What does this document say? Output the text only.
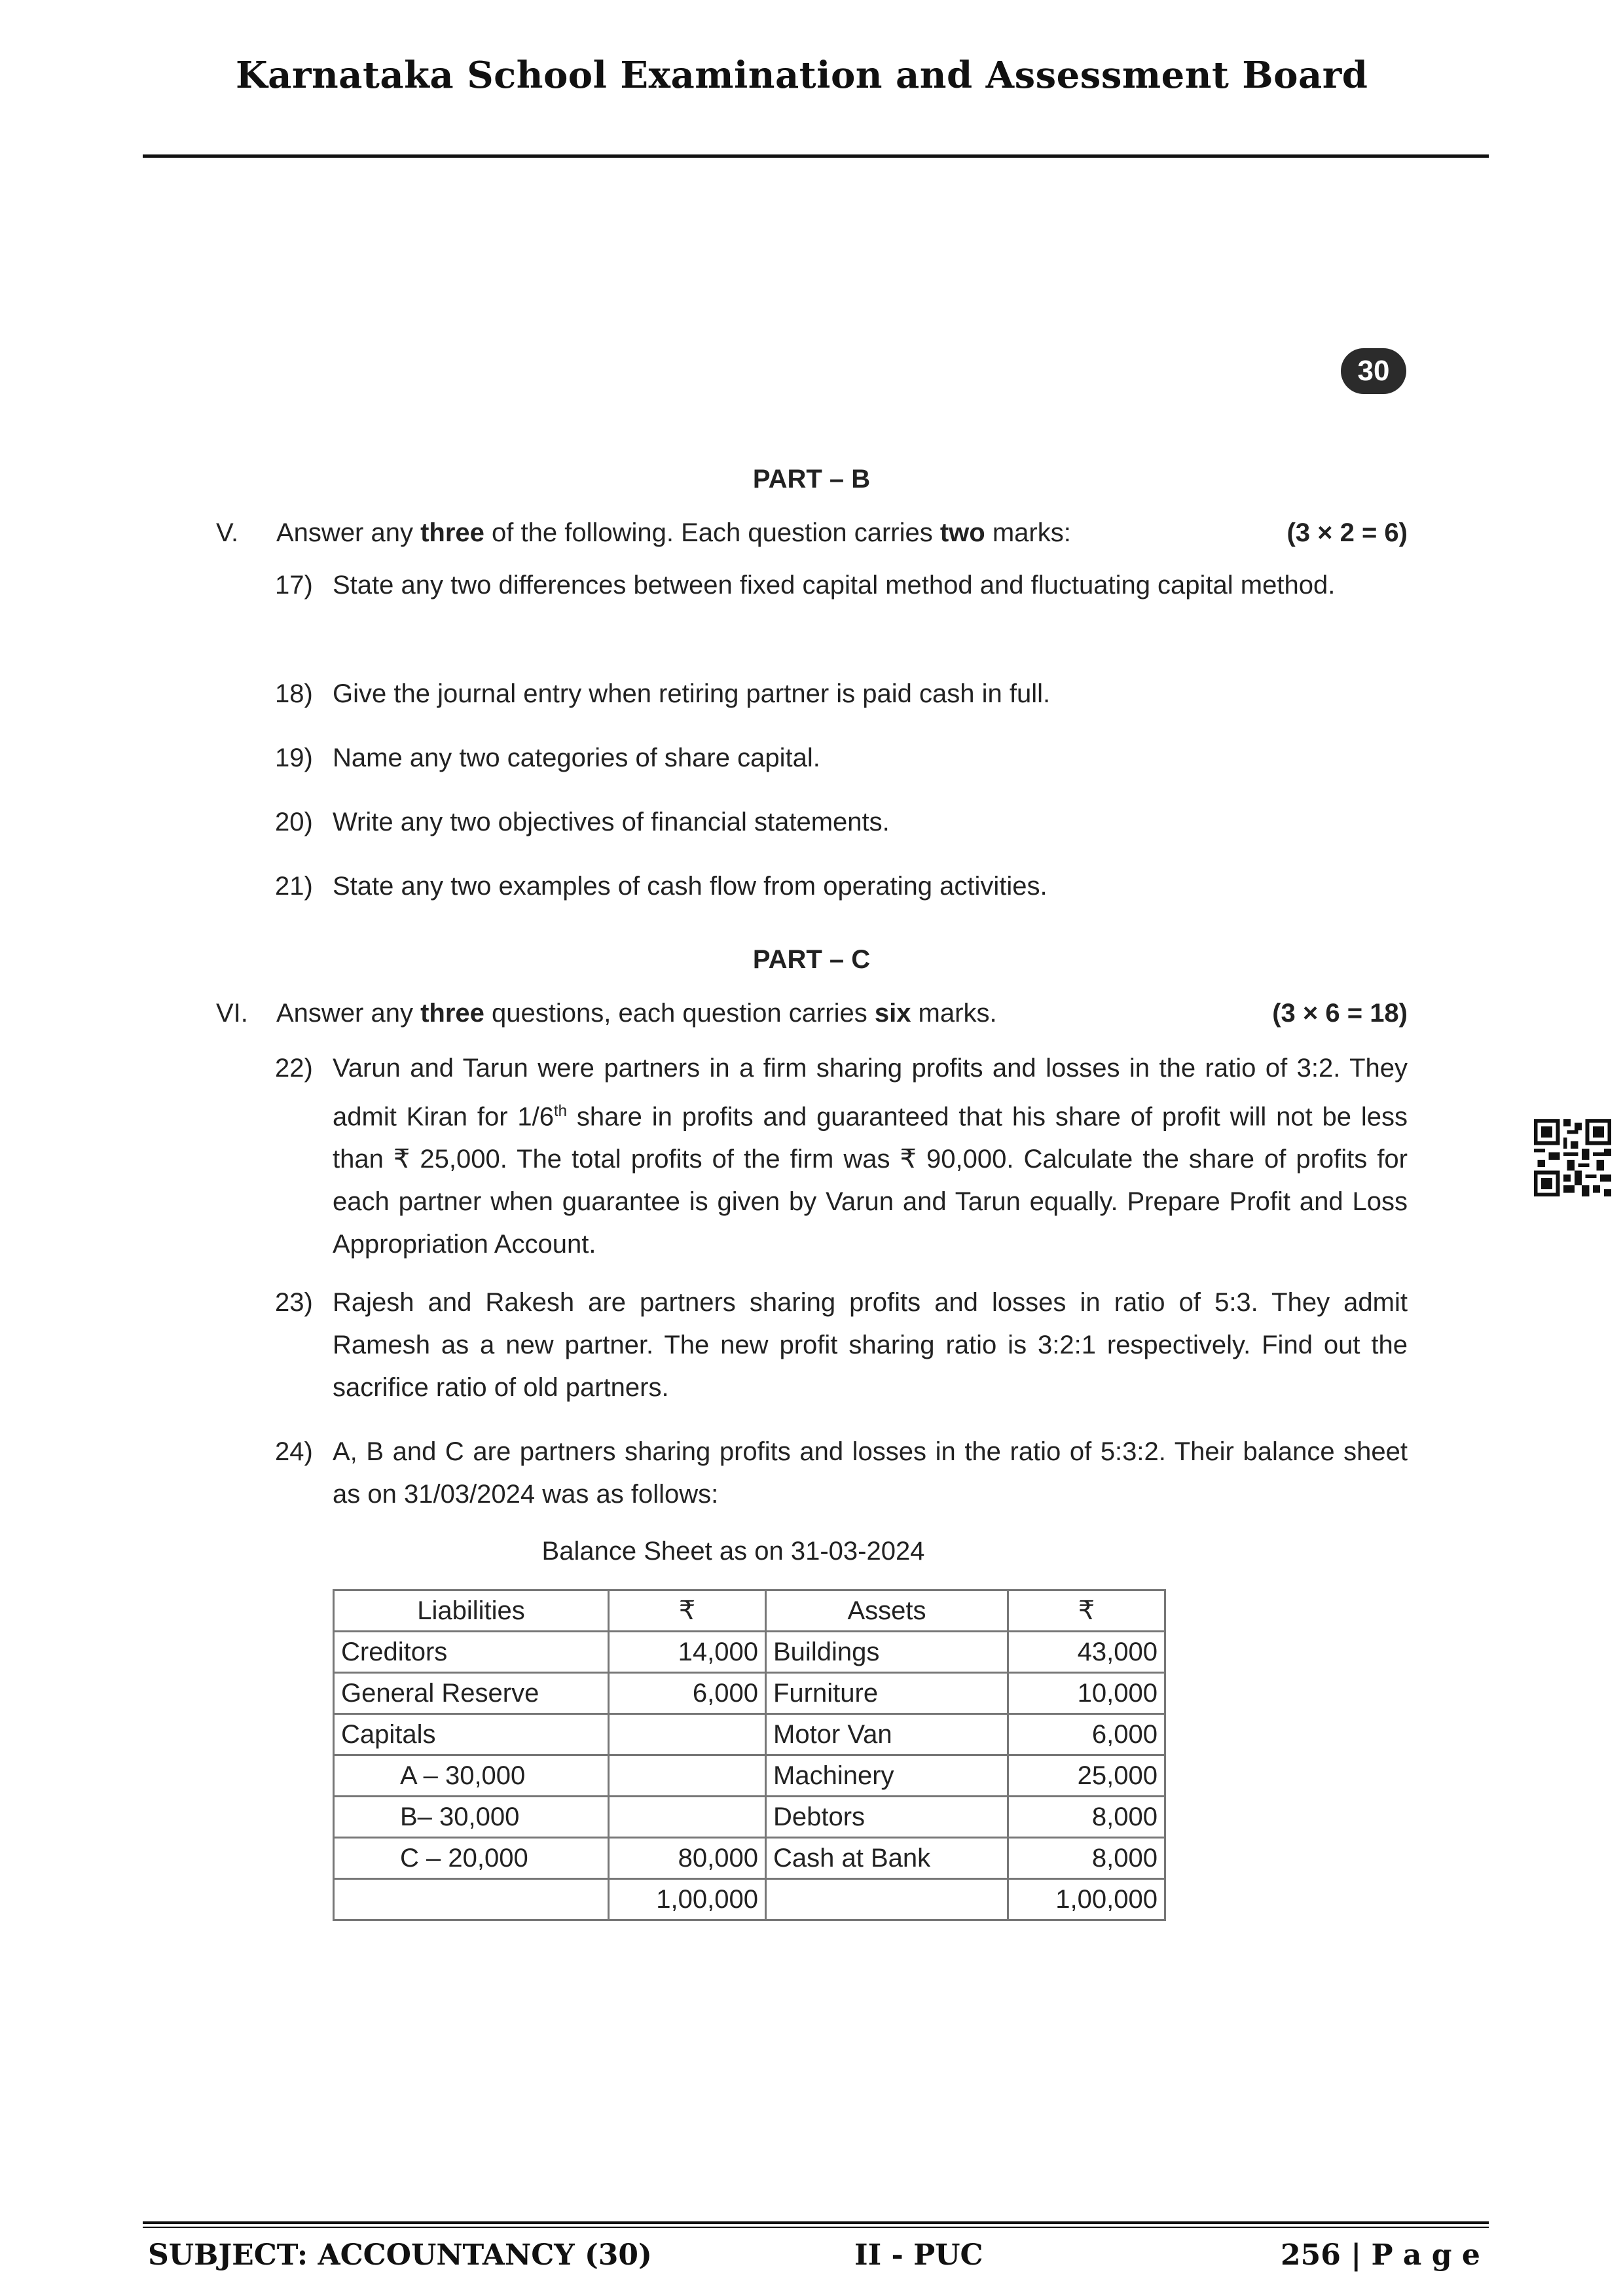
Karnataka School Examination and Assessment Board
30
PART – B
V. Answer any three of the following. Each question carries two marks:	(3 × 2 = 6)
17) State any two differences between fixed capital method and fluctuating capital method.
18) Give the journal entry when retiring partner is paid cash in full.
19) Name any two categories of share capital.
20) Write any two objectives of financial statements.
21) State any two examples of cash flow from operating activities.
PART – C
VI. Answer any three questions, each question carries six marks.	(3 × 6 = 18)
22) Varun and Tarun were partners in a firm sharing profits and losses in the ratio of 3:2. They admit Kiran for 1/6th share in profits and guaranteed that his share of profit will not be less than ₹ 25,000. The total profits of the firm was ₹ 90,000. Calculate the share of profits for each partner when guarantee is given by Varun and Tarun equally. Prepare Profit and Loss Appropriation Account.
23) Rajesh and Rakesh are partners sharing profits and losses in ratio of 5:3. They admit Ramesh as a new partner. The new profit sharing ratio is 3:2:1 respectively. Find out the sacrifice ratio of old partners.
24) A, B and C are partners sharing profits and losses in the ratio of 5:3:2. Their balance sheet as on 31/03/2024 was as follows:
Balance Sheet as on 31-03-2024
Liabilities	₹	Assets	₹
Creditors	14,000	Buildings	43,000
General Reserve	6,000	Furniture	10,000
Capitals		Motor Van	6,000
A – 30,000		Machinery	25,000
B– 30,000		Debtors	8,000
C – 20,000	80,000	Cash at Bank	8,000
	1,00,000		1,00,000
SUBJECT: ACCOUNTANCY (30)	II - PUC	256 | P a g e
